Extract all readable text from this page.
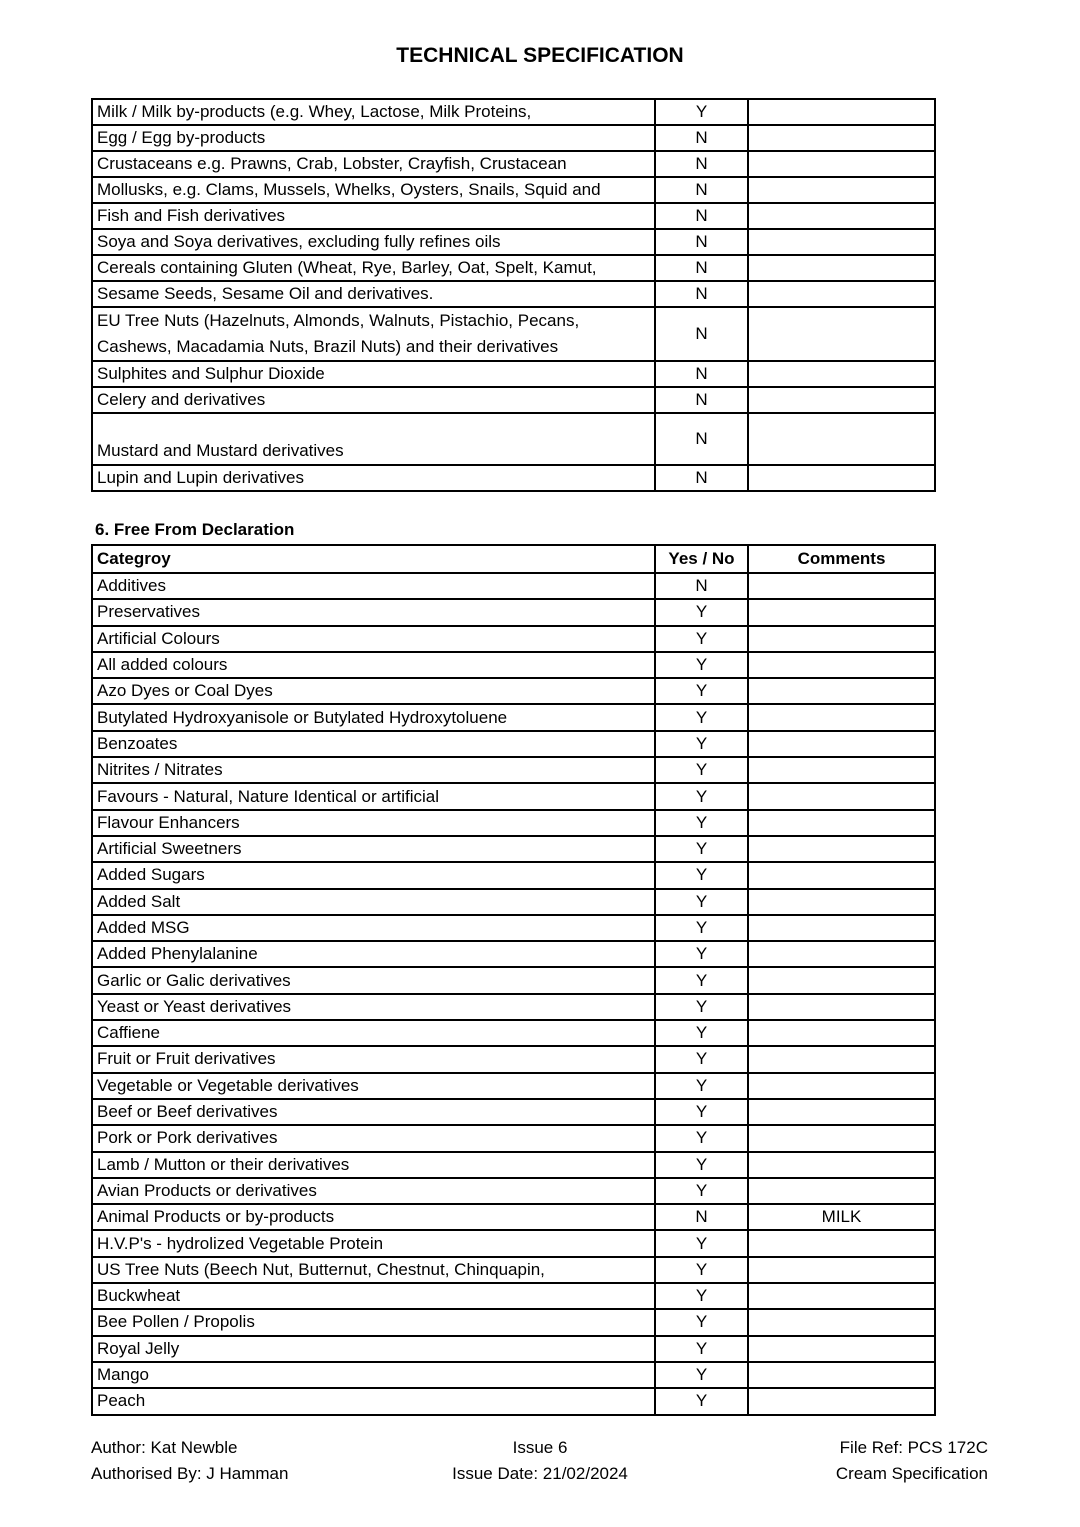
TECHNICAL SPECIFICATION
Milk / Milk by-products (e.g. Whey, Lactose, Milk Proteins,	Y	
Egg / Egg by-products	N	
Crustaceans e.g. Prawns, Crab, Lobster, Crayfish, Crustacean	N	
Mollusks, e.g. Clams, Mussels, Whelks, Oysters, Snails, Squid and	N	
Fish and Fish derivatives	N	
Soya and Soya derivatives, excluding fully refines oils	N	
Cereals containing Gluten (Wheat, Rye, Barley, Oat, Spelt, Kamut,	N	
Sesame Seeds, Sesame Oil and derivatives.	N	
EU Tree Nuts (Hazelnuts, Almonds, Walnuts, Pistachio, Pecans, Cashews, Macadamia Nuts, Brazil Nuts) and their derivatives	N	
Sulphites and Sulphur Dioxide	N	
Celery and derivatives	N	
Mustard and Mustard derivatives	N	
Lupin and Lupin derivatives	N	
6. Free From Declaration
Categroy	Yes / No	Comments
Additives	N	
Preservatives	Y	
Artificial Colours	Y	
All added colours	Y	
Azo Dyes or Coal Dyes	Y	
Butylated Hydroxyanisole or Butylated Hydroxytoluene	Y	
Benzoates	Y	
Nitrites / Nitrates	Y	
Favours - Natural, Nature Identical or artificial	Y	
Flavour Enhancers	Y	
Artificial Sweetners	Y	
Added Sugars	Y	
Added Salt	Y	
Added MSG	Y	
Added Phenylalanine	Y	
Garlic or Galic derivatives	Y	
Yeast or Yeast derivatives	Y	
Caffiene	Y	
Fruit or Fruit derivatives	Y	
Vegetable or Vegetable derivatives	Y	
Beef or Beef derivatives	Y	
Pork or Pork derivatives	Y	
Lamb / Mutton or their derivatives	Y	
Avian Products or derivatives	Y	
Animal Products or by-products	N	MILK
H.V.P's - hydrolized Vegetable Protein	Y	
US Tree Nuts (Beech Nut, Butternut, Chestnut, Chinquapin,	Y	
Buckwheat	Y	
Bee Pollen / Propolis	Y	
Royal Jelly	Y	
Mango	Y	
Peach	Y	
Author: Kat Newble
Authorised By: J Hamman
Issue 6
Issue Date: 21/02/2024
File Ref: PCS 172C
Cream Specification
